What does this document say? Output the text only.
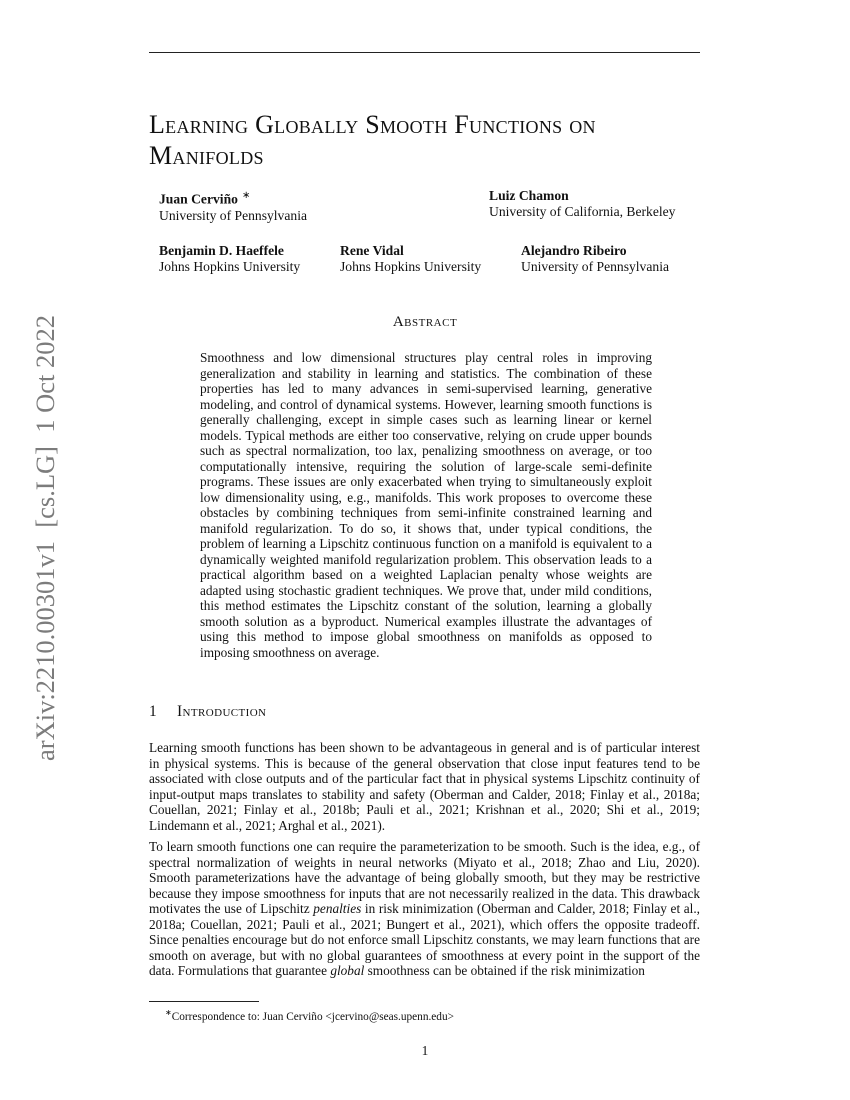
arXiv:2210.00301v1  [cs.LG]  1 Oct 2022
Learning Globally Smooth Functions on Manifolds
Juan Cerviño ∗
University of Pennsylvania
Luiz Chamon
University of California, Berkeley
Benjamin D. Haeffele
Johns Hopkins University
Rene Vidal
Johns Hopkins University
Alejandro Ribeiro
University of Pennsylvania
Abstract

Smoothness and low dimensional structures play central roles in improving generalization and stability in learning and statistics. The combination of these properties has led to many advances in semi-supervised learning, generative modeling, and control of dynamical systems. However, learning smooth functions is generally challenging, except in simple cases such as learning linear or kernel models. Typical methods are either too conservative, relying on crude upper bounds such as spectral normalization, too lax, penalizing smoothness on average, or too computationally intensive, requiring the solution of large-scale semi-definite programs. These issues are only exacerbated when trying to simultaneously exploit low dimensionality using, e.g., manifolds. This work proposes to overcome these obstacles by combining techniques from semi-infinite constrained learning and manifold regularization. To do so, it shows that, under typical conditions, the problem of learning a Lipschitz continuous function on a manifold is equivalent to a dynamically weighted manifold regularization problem. This observation leads to a practical algorithm based on a weighted Laplacian penalty whose weights are adapted using stochastic gradient techniques. We prove that, under mild conditions, this method estimates the Lipschitz constant of the solution, learning a globally smooth solution as a byproduct. Numerical examples illustrate the advantages of using this method to impose global smoothness on manifolds as opposed to imposing smoothness on average.

1 Introduction

Learning smooth functions has been shown to be advantageous in general and is of particular interest in physical systems. This is because of the general observation that close input features tend to be associated with close outputs and of the particular fact that in physical systems Lipschitz continuity of input-output maps translates to stability and safety (Oberman and Calder, 2018; Finlay et al., 2018a; Couellan, 2021; Finlay et al., 2018b; Pauli et al., 2021; Krishnan et al., 2020; Shi et al., 2019; Lindemann et al., 2021; Arghal et al., 2021).

To learn smooth functions one can require the parameterization to be smooth. Such is the idea, e.g., of spectral normalization of weights in neural networks (Miyato et al., 2018; Zhao and Liu, 2020). Smooth parameterizations have the advantage of being globally smooth, but they may be restrictive because they impose smoothness for inputs that are not necessarily realized in the data. This drawback motivates the use of Lipschitz penalties in risk minimization (Oberman and Calder, 2018; Finlay et al., 2018a; Couellan, 2021; Pauli et al., 2021; Bungert et al., 2021), which offers the opposite tradeoff. Since penalties encourage but do not enforce small Lipschitz constants, we may learn functions that are smooth on average, but with no global guarantees of smoothness at every point in the support of the data. Formulations that guarantee global smoothness can be obtained if the risk minimization

∗Correspondence to: Juan Cerviño <jcervino@seas.upenn.edu>
1
